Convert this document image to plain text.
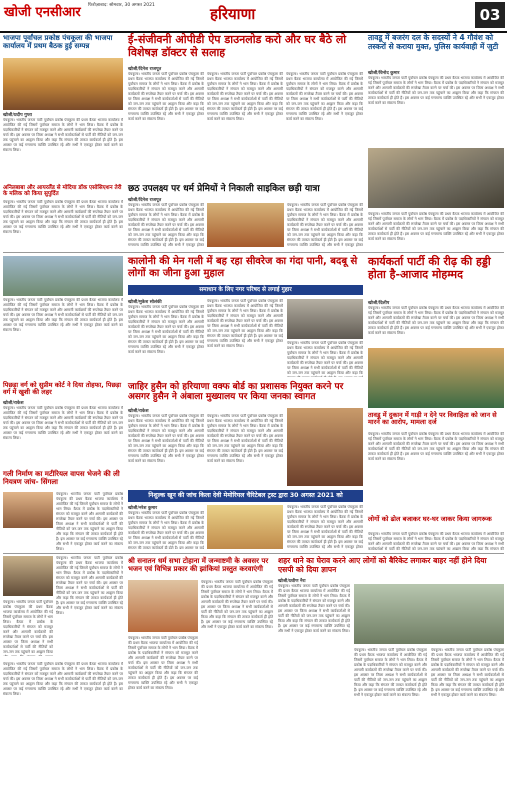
खोजी एनसीआर फिरोज़ाबाद: सोमवार, 30 अगस्त 2021	हरियाणा	03
भाजपा पूर्वांचल प्रकोष्ठ पंचकूला की भाजपा कार्यालय में प्रथम बैठक हुई सम्पन्न
खोजी/प्रदीप गुप्ता
पंचकूला। भारतीय जनता पार्टी पूर्वांचल प्रकोष्ठ पंचकूला की प्रथम बैठक भाजपा कार्यालय में आयोजित की गई जिसमें पूर्वांचल समाज के लोगों ने भाग लिया। बैठक में प्रकोष्ठ के पदाधिकारियों ने संगठन को मजबूत करने और आगामी कार्यक्रमों की रूपरेखा तैयार करने पर चर्चा की। इस अवसर पर जिला अध्यक्ष ने सभी कार्यकर्ताओं से पार्टी की नीतियों को जन-जन तक पहुंचाने का आह्वान किया और कहा कि संगठन की ताकत कार्यकर्ता ही होते हैं। इस अवसर पर कई गणमान्य व्यक्ति उपस्थित रहे और सभी ने एकजुट होकर कार्य करने का संकल्प लिया।
अनिलबाबा और आयरलैंड से मोदिया डॉक एसोसिएशन तेरी के मलिक को किया सुपुर्दित
पंचकूला। भारतीय जनता पार्टी पूर्वांचल प्रकोष्ठ पंचकूला की प्रथम बैठक भाजपा कार्यालय में आयोजित की गई जिसमें पूर्वांचल समाज के लोगों ने भाग लिया। बैठक में प्रकोष्ठ के पदाधिकारियों ने संगठन को मजबूत करने और आगामी कार्यक्रमों की रूपरेखा तैयार करने पर चर्चा की। इस अवसर पर जिला अध्यक्ष ने सभी कार्यकर्ताओं से पार्टी की नीतियों को जन-जन तक पहुंचाने का आह्वान किया और कहा कि संगठन की ताकत कार्यकर्ता ही होते हैं। इस अवसर पर कई गणमान्य व्यक्ति उपस्थित रहे और सभी ने एकजुट होकर कार्य करने का संकल्प लिया।
ई-संजीवनी ओपीडी ऐप डाउनलोड करो और घर बैठे लो विशेषज्ञ डॉक्टर से सलाह
खोजी/दिनेश राजपूत
पंचकूला। भारतीय जनता पार्टी पूर्वांचल प्रकोष्ठ पंचकूला की प्रथम बैठक भाजपा कार्यालय में आयोजित की गई जिसमें पूर्वांचल समाज के लोगों ने भाग लिया। बैठक में प्रकोष्ठ के पदाधिकारियों ने संगठन को मजबूत करने और आगामी कार्यक्रमों की रूपरेखा तैयार करने पर चर्चा की। इस अवसर पर जिला अध्यक्ष ने सभी कार्यकर्ताओं से पार्टी की नीतियों को जन-जन तक पहुंचाने का आह्वान किया और कहा कि संगठन की ताकत कार्यकर्ता ही होते हैं। इस अवसर पर कई गणमान्य व्यक्ति उपस्थित रहे और सभी ने एकजुट होकर कार्य करने का संकल्प लिया।
पंचकूला। भारतीय जनता पार्टी पूर्वांचल प्रकोष्ठ पंचकूला की प्रथम बैठक भाजपा कार्यालय में आयोजित की गई जिसमें पूर्वांचल समाज के लोगों ने भाग लिया। बैठक में प्रकोष्ठ के पदाधिकारियों ने संगठन को मजबूत करने और आगामी कार्यक्रमों की रूपरेखा तैयार करने पर चर्चा की। इस अवसर पर जिला अध्यक्ष ने सभी कार्यकर्ताओं से पार्टी की नीतियों को जन-जन तक पहुंचाने का आह्वान किया और कहा कि संगठन की ताकत कार्यकर्ता ही होते हैं। इस अवसर पर कई गणमान्य व्यक्ति उपस्थित रहे और सभी ने एकजुट होकर कार्य करने का संकल्प लिया।
पंचकूला। भारतीय जनता पार्टी पूर्वांचल प्रकोष्ठ पंचकूला की प्रथम बैठक भाजपा कार्यालय में आयोजित की गई जिसमें पूर्वांचल समाज के लोगों ने भाग लिया। बैठक में प्रकोष्ठ के पदाधिकारियों ने संगठन को मजबूत करने और आगामी कार्यक्रमों की रूपरेखा तैयार करने पर चर्चा की। इस अवसर पर जिला अध्यक्ष ने सभी कार्यकर्ताओं से पार्टी की नीतियों को जन-जन तक पहुंचाने का आह्वान किया और कहा कि संगठन की ताकत कार्यकर्ता ही होते हैं। इस अवसर पर कई गणमान्य व्यक्ति उपस्थित रहे और सभी ने एकजुट होकर कार्य करने का संकल्प लिया।
तावडू में बजरंग दल के सदस्यों ने 4 गौवंश को तस्करों से कराया मुक्त, पुलिस कार्यवाही में जुटी
खोजी/विनोद कुमार
पंचकूला। भारतीय जनता पार्टी पूर्वांचल प्रकोष्ठ पंचकूला की प्रथम बैठक भाजपा कार्यालय में आयोजित की गई जिसमें पूर्वांचल समाज के लोगों ने भाग लिया। बैठक में प्रकोष्ठ के पदाधिकारियों ने संगठन को मजबूत करने और आगामी कार्यक्रमों की रूपरेखा तैयार करने पर चर्चा की। इस अवसर पर जिला अध्यक्ष ने सभी कार्यकर्ताओं से पार्टी की नीतियों को जन-जन तक पहुंचाने का आह्वान किया और कहा कि संगठन की ताकत कार्यकर्ता ही होते हैं। इस अवसर पर कई गणमान्य व्यक्ति उपस्थित रहे और सभी ने एकजुट होकर कार्य करने का संकल्प लिया।
छठ उपलक्ष्य पर धर्म प्रेमियों ने निकाली साइकिल छड़ी यात्रा
खोजी/दिनेश राजपूत
पंचकूला। भारतीय जनता पार्टी पूर्वांचल प्रकोष्ठ पंचकूला की प्रथम बैठक भाजपा कार्यालय में आयोजित की गई जिसमें पूर्वांचल समाज के लोगों ने भाग लिया। बैठक में प्रकोष्ठ के पदाधिकारियों ने संगठन को मजबूत करने और आगामी कार्यक्रमों की रूपरेखा तैयार करने पर चर्चा की। इस अवसर पर जिला अध्यक्ष ने सभी कार्यकर्ताओं से पार्टी की नीतियों को जन-जन तक पहुंचाने का आह्वान किया और कहा कि संगठन की ताकत कार्यकर्ता ही होते हैं। इस अवसर पर कई गणमान्य व्यक्ति उपस्थित रहे और सभी ने एकजुट होकर
पंचकूला। भारतीय जनता पार्टी पूर्वांचल प्रकोष्ठ पंचकूला की प्रथम बैठक भाजपा कार्यालय में आयोजित की गई जिसमें पूर्वांचल समाज के लोगों ने भाग लिया। बैठक में प्रकोष्ठ के पदाधिकारियों ने संगठन को मजबूत करने और आगामी कार्यक्रमों की रूपरेखा तैयार करने पर चर्चा की। इस अवसर पर जिला अध्यक्ष ने सभी कार्यकर्ताओं से पार्टी की नीतियों को जन-जन तक पहुंचाने का आह्वान किया और कहा कि संगठन की ताकत कार्यकर्ता ही होते हैं। इस अवसर पर कई गणमान्य व्यक्ति उपस्थित रहे और सभी ने एकजुट होकर
पंचकूला। भारतीय जनता पार्टी पूर्वांचल प्रकोष्ठ पंचकूला की प्रथम बैठक भाजपा कार्यालय में आयोजित की गई जिसमें पूर्वांचल समाज के लोगों ने भाग लिया। बैठक में प्रकोष्ठ के पदाधिकारियों ने संगठन को मजबूत करने और आगामी कार्यक्रमों की रूपरेखा तैयार करने पर चर्चा की। इस अवसर पर जिला अध्यक्ष ने सभी कार्यकर्ताओं से पार्टी की नीतियों को जन-जन तक पहुंचाने का आह्वान किया और कहा कि संगठन की ताकत कार्यकर्ता ही होते हैं। इस अवसर पर कई गणमान्य व्यक्ति उपस्थित रहे और सभी ने एकजुट होकर कार्य करने का संकल्प लिया।
पंचकूला। भारतीय जनता पार्टी पूर्वांचल प्रकोष्ठ पंचकूला की प्रथम बैठक भाजपा कार्यालय में आयोजित की गई जिसमें पूर्वांचल समाज के लोगों ने भाग लिया। बैठक में प्रकोष्ठ के पदाधिकारियों ने संगठन को मजबूत करने और आगामी कार्यक्रमों की रूपरेखा तैयार करने पर चर्चा की। इस अवसर पर जिला अध्यक्ष ने सभी कार्यकर्ताओं से पार्टी की नीतियों को जन-जन तक पहुंचाने का आह्वान किया और कहा कि संगठन की ताकत कार्यकर्ता ही होते हैं। इस अवसर पर कई गणमान्य व्यक्ति उपस्थित रहे और सभी ने एकजुट होकर कार्य करने का संकल्प लिया।
कालोनी की मेन गली में बह रहा सीवरेज का गंदा पानी, बदबू से लोगों का जीना हुआ मुहाल
समाधान के लिए नगर परिषद से लगाई गुहार
खोजी/मुकेश सोलंकी
पंचकूला। भारतीय जनता पार्टी पूर्वांचल प्रकोष्ठ पंचकूला की प्रथम बैठक भाजपा कार्यालय में आयोजित की गई जिसमें पूर्वांचल समाज के लोगों ने भाग लिया। बैठक में प्रकोष्ठ के पदाधिकारियों ने संगठन को मजबूत करने और आगामी कार्यक्रमों की रूपरेखा तैयार करने पर चर्चा की। इस अवसर पर जिला अध्यक्ष ने सभी कार्यकर्ताओं से पार्टी की नीतियों को जन-जन तक पहुंचाने का आह्वान किया और कहा कि संगठन की ताकत कार्यकर्ता ही होते हैं। इस अवसर पर कई गणमान्य व्यक्ति उपस्थित रहे और सभी ने एकजुट होकर कार्य करने का संकल्प लिया।
पंचकूला। भारतीय जनता पार्टी पूर्वांचल प्रकोष्ठ पंचकूला की प्रथम बैठक भाजपा कार्यालय में आयोजित की गई जिसमें पूर्वांचल समाज के लोगों ने भाग लिया। बैठक में प्रकोष्ठ के पदाधिकारियों ने संगठन को मजबूत करने और आगामी कार्यक्रमों की रूपरेखा तैयार करने पर चर्चा की। इस अवसर पर जिला अध्यक्ष ने सभी कार्यकर्ताओं से पार्टी की नीतियों को जन-जन तक पहुंचाने का आह्वान किया और कहा कि संगठन की ताकत कार्यकर्ता ही होते हैं। इस अवसर पर कई गणमान्य व्यक्ति उपस्थित रहे और सभी ने एकजुट होकर कार्य करने का संकल्प लिया।
पंचकूला। भारतीय जनता पार्टी पूर्वांचल प्रकोष्ठ पंचकूला की प्रथम बैठक भाजपा कार्यालय में आयोजित की गई जिसमें पूर्वांचल समाज के लोगों ने भाग लिया। बैठक में प्रकोष्ठ के पदाधिकारियों ने संगठन को मजबूत करने और आगामी कार्यक्रमों की रूपरेखा तैयार करने पर चर्चा की। इस अवसर पर जिला अध्यक्ष ने सभी कार्यकर्ताओं से पार्टी की नीतियों को जन-जन तक पहुंचाने का आह्वान किया और कहा कि
कार्यकर्ता पार्टी की रीढ़ की हड्डी होता है-आजाद मोहम्मद
खोजी/दिलीप
पंचकूला। भारतीय जनता पार्टी पूर्वांचल प्रकोष्ठ पंचकूला की प्रथम बैठक भाजपा कार्यालय में आयोजित की गई जिसमें पूर्वांचल समाज के लोगों ने भाग लिया। बैठक में प्रकोष्ठ के पदाधिकारियों ने संगठन को मजबूत करने और आगामी कार्यक्रमों की रूपरेखा तैयार करने पर चर्चा की। इस अवसर पर जिला अध्यक्ष ने सभी कार्यकर्ताओं से पार्टी की नीतियों को जन-जन तक पहुंचाने का आह्वान किया और कहा कि संगठन की ताकत कार्यकर्ता ही होते हैं। इस अवसर पर कई गणमान्य व्यक्ति उपस्थित रहे और सभी ने एकजुट होकर कार्य करने का संकल्प लिया।
पिछड़ा वर्ग को सुप्रीम कोर्ट ने दिया तोहफा, पिछड़ा वर्ग में खुशी की लहर
खोजी/राकेश
पंचकूला। भारतीय जनता पार्टी पूर्वांचल प्रकोष्ठ पंचकूला की प्रथम बैठक भाजपा कार्यालय में आयोजित की गई जिसमें पूर्वांचल समाज के लोगों ने भाग लिया। बैठक में प्रकोष्ठ के पदाधिकारियों ने संगठन को मजबूत करने और आगामी कार्यक्रमों की रूपरेखा तैयार करने पर चर्चा की। इस अवसर पर जिला अध्यक्ष ने सभी कार्यकर्ताओं से पार्टी की नीतियों को जन-जन तक पहुंचाने का आह्वान किया और कहा कि संगठन की ताकत कार्यकर्ता ही होते हैं। इस अवसर पर कई गणमान्य व्यक्ति उपस्थित रहे और सभी ने एकजुट होकर कार्य करने का संकल्प लिया।
जाहिर हुसैन को हरियाणा वक्फ बोर्ड का प्रशासक नियुक्त करने पर असगर हुसैन ने अंबाला मुख्यालय पर किया जनका स्वागत
खोजी/राकेश
पंचकूला। भारतीय जनता पार्टी पूर्वांचल प्रकोष्ठ पंचकूला की प्रथम बैठक भाजपा कार्यालय में आयोजित की गई जिसमें पूर्वांचल समाज के लोगों ने भाग लिया। बैठक में प्रकोष्ठ के पदाधिकारियों ने संगठन को मजबूत करने और आगामी कार्यक्रमों की रूपरेखा तैयार करने पर चर्चा की। इस अवसर पर जिला अध्यक्ष ने सभी कार्यकर्ताओं से पार्टी की नीतियों को जन-जन तक पहुंचाने का आह्वान किया और कहा कि संगठन की ताकत कार्यकर्ता ही होते हैं। इस अवसर पर कई गणमान्य व्यक्ति उपस्थित रहे और सभी ने एकजुट होकर कार्य करने का संकल्प लिया।
पंचकूला। भारतीय जनता पार्टी पूर्वांचल प्रकोष्ठ पंचकूला की प्रथम बैठक भाजपा कार्यालय में आयोजित की गई जिसमें पूर्वांचल समाज के लोगों ने भाग लिया। बैठक में प्रकोष्ठ के पदाधिकारियों ने संगठन को मजबूत करने और आगामी कार्यक्रमों की रूपरेखा तैयार करने पर चर्चा की। इस अवसर पर जिला अध्यक्ष ने सभी कार्यकर्ताओं से पार्टी की नीतियों को जन-जन तक पहुंचाने का आह्वान किया और कहा कि संगठन की ताकत कार्यकर्ता ही होते हैं। इस अवसर पर कई गणमान्य व्यक्ति उपस्थित रहे और सभी ने एकजुट होकर कार्य करने का संकल्प लिया।
तावडू में दुकान में गाड़ी न देने पर विवाहिता को जान से मारने का आरोप, मामला दर्ज
पंचकूला। भारतीय जनता पार्टी पूर्वांचल प्रकोष्ठ पंचकूला की प्रथम बैठक भाजपा कार्यालय में आयोजित की गई जिसमें पूर्वांचल समाज के लोगों ने भाग लिया। बैठक में प्रकोष्ठ के पदाधिकारियों ने संगठन को मजबूत करने और आगामी कार्यक्रमों की रूपरेखा तैयार करने पर चर्चा की। इस अवसर पर जिला अध्यक्ष ने सभी कार्यकर्ताओं से पार्टी की नीतियों को जन-जन तक पहुंचाने का आह्वान किया और कहा कि संगठन की ताकत कार्यकर्ता ही होते हैं। इस अवसर पर कई गणमान्य व्यक्ति उपस्थित रहे और सभी ने एकजुट होकर कार्य करने का संकल्प लिया।
गली निर्माण का मटीरियल वापस भेजने की ली नियत्रण जांच- सिंगला
पंचकूला। भारतीय जनता पार्टी पूर्वांचल प्रकोष्ठ पंचकूला की प्रथम बैठक भाजपा कार्यालय में आयोजित की गई जिसमें पूर्वांचल समाज के लोगों ने भाग लिया। बैठक में प्रकोष्ठ के पदाधिकारियों ने संगठन को मजबूत करने और आगामी कार्यक्रमों की रूपरेखा तैयार करने पर चर्चा की। इस अवसर पर जिला अध्यक्ष ने सभी कार्यकर्ताओं से पार्टी की नीतियों को जन-जन तक पहुंचाने का आह्वान किया और कहा कि संगठन की ताकत कार्यकर्ता ही होते हैं। इस अवसर पर कई गणमान्य व्यक्ति उपस्थित रहे और सभी ने एकजुट होकर कार्य करने का संकल्प लिया।
निशुल्क खून की जांच किला देवी मेमोरियल चैरिटेबल ट्रस्ट द्वारा 30 अगस्त 2021 को
खोजी/नरेश कुमार
पंचकूला। भारतीय जनता पार्टी पूर्वांचल प्रकोष्ठ पंचकूला की प्रथम बैठक भाजपा कार्यालय में आयोजित की गई जिसमें पूर्वांचल समाज के लोगों ने भाग लिया। बैठक में प्रकोष्ठ के पदाधिकारियों ने संगठन को मजबूत करने और आगामी कार्यक्रमों की रूपरेखा तैयार करने पर चर्चा की। इस अवसर पर जिला अध्यक्ष ने सभी कार्यकर्ताओं से पार्टी की नीतियों को जन-जन तक पहुंचाने का आह्वान किया और कहा कि संगठन की ताकत कार्यकर्ता ही होते हैं। इस अवसर पर कई
पंचकूला। भारतीय जनता पार्टी पूर्वांचल प्रकोष्ठ पंचकूला की प्रथम बैठक भाजपा कार्यालय में आयोजित की गई जिसमें पूर्वांचल समाज के लोगों ने भाग लिया। बैठक में प्रकोष्ठ के पदाधिकारियों ने संगठन को मजबूत करने और आगामी कार्यक्रमों की रूपरेखा तैयार करने पर चर्चा की। इस अवसर पर जिला अध्यक्ष ने सभी कार्यकर्ताओं से पार्टी की नीतियों को जन-जन तक पहुंचाने का आह्वान किया और कहा कि संगठन की ताकत कार्यकर्ता ही होते हैं। इस अवसर पर कई गणमान्य व्यक्ति उपस्थित रहे और सभी ने एकजुट होकर
लोगों को ढोल बजाकर घर-घर जाकर किया जागरूक
पंचकूला। भारतीय जनता पार्टी पूर्वांचल प्रकोष्ठ पंचकूला की प्रथम बैठक भाजपा कार्यालय में आयोजित की गई जिसमें पूर्वांचल समाज के लोगों ने भाग लिया। बैठक में प्रकोष्ठ के पदाधिकारियों ने संगठन को मजबूत करने और आगामी कार्यक्रमों की रूपरेखा तैयार करने पर चर्चा की। इस अवसर पर जिला अध्यक्ष ने सभी कार्यकर्ताओं से पार्टी की नीतियों को जन-जन तक पहुंचाने का आह्वान किया और कहा कि संगठन की
पंचकूला। भारतीय जनता पार्टी पूर्वांचल प्रकोष्ठ पंचकूला की प्रथम बैठक भाजपा कार्यालय में आयोजित की गई जिसमें पूर्वांचल समाज के लोगों ने भाग लिया। बैठक में प्रकोष्ठ के पदाधिकारियों ने संगठन को मजबूत करने और आगामी कार्यक्रमों की रूपरेखा तैयार करने पर चर्चा की। इस अवसर पर जिला अध्यक्ष ने सभी कार्यकर्ताओं से पार्टी की नीतियों को जन-जन तक पहुंचाने का आह्वान किया और कहा कि संगठन की ताकत कार्यकर्ता ही होते हैं। इस अवसर पर कई गणमान्य व्यक्ति उपस्थित रहे और सभी ने एकजुट होकर कार्य करने का संकल्प लिया।
पंचकूला। भारतीय जनता पार्टी पूर्वांचल प्रकोष्ठ पंचकूला की प्रथम बैठक भाजपा कार्यालय में आयोजित की गई जिसमें पूर्वांचल समाज के लोगों ने भाग लिया। बैठक में प्रकोष्ठ के पदाधिकारियों ने संगठन को मजबूत करने और आगामी कार्यक्रमों की रूपरेखा तैयार करने पर चर्चा की। इस अवसर पर जिला अध्यक्ष ने सभी कार्यकर्ताओं से पार्टी की नीतियों को जन-जन तक पहुंचाने का आह्वान किया
पंचकूला। भारतीय जनता पार्टी पूर्वांचल प्रकोष्ठ पंचकूला की प्रथम बैठक भाजपा कार्यालय में आयोजित की गई जिसमें पूर्वांचल समाज के लोगों ने भाग लिया। बैठक में प्रकोष्ठ के पदाधिकारियों ने संगठन को मजबूत करने और आगामी कार्यक्रमों की रूपरेखा तैयार करने पर चर्चा की। इस अवसर पर जिला अध्यक्ष ने सभी कार्यकर्ताओं से पार्टी की नीतियों को जन-जन तक पहुंचाने का आह्वान किया और कहा कि संगठन की ताकत कार्यकर्ता ही होते हैं। इस अवसर पर कई गणमान्य व्यक्ति उपस्थित रहे और सभी ने एकजुट होकर कार्य करने का संकल्प लिया।
श्री सनातन धर्म सभा टोहाना में जन्माष्टमी के अवसर पर भजन एवं विभिन्न प्रकार की झांकियां प्रस्तुत करवाएंगी
पंचकूला। भारतीय जनता पार्टी पूर्वांचल प्रकोष्ठ पंचकूला की प्रथम बैठक भाजपा कार्यालय में आयोजित की गई जिसमें पूर्वांचल समाज के लोगों ने भाग लिया। बैठक में प्रकोष्ठ के पदाधिकारियों ने संगठन को मजबूत करने और आगामी कार्यक्रमों की रूपरेखा तैयार करने पर चर्चा की। इस अवसर पर जिला अध्यक्ष ने सभी कार्यकर्ताओं से पार्टी की नीतियों को जन-जन तक पहुंचाने का आह्वान किया और कहा कि संगठन की ताकत कार्यकर्ता ही होते हैं। इस अवसर पर कई गणमान्य व्यक्ति उपस्थित रहे और सभी ने एकजुट होकर कार्य करने का संकल्प लिया।
पंचकूला। भारतीय जनता पार्टी पूर्वांचल प्रकोष्ठ पंचकूला की प्रथम बैठक भाजपा कार्यालय में आयोजित की गई जिसमें पूर्वांचल समाज के लोगों ने भाग लिया। बैठक में प्रकोष्ठ के पदाधिकारियों ने संगठन को मजबूत करने और आगामी कार्यक्रमों की रूपरेखा तैयार करने पर चर्चा की। इस अवसर पर जिला अध्यक्ष ने सभी कार्यकर्ताओं से पार्टी की नीतियों को जन-जन तक पहुंचाने का आह्वान किया और कहा कि संगठन की ताकत कार्यकर्ता ही होते हैं। इस अवसर पर कई गणमान्य व्यक्ति उपस्थित रहे और सभी ने एकजुट होकर कार्य करने का संकल्प लिया।
शहर थाने का घेराव करने आए लोगों को बैरिकेट लगाकर बाहर नहीं होने दिया एसपी को दिया ज्ञापन
खोजी/प्रवीण नैरा
पंचकूला। भारतीय जनता पार्टी पूर्वांचल प्रकोष्ठ पंचकूला की प्रथम बैठक भाजपा कार्यालय में आयोजित की गई जिसमें पूर्वांचल समाज के लोगों ने भाग लिया। बैठक में प्रकोष्ठ के पदाधिकारियों ने संगठन को मजबूत करने और आगामी कार्यक्रमों की रूपरेखा तैयार करने पर चर्चा की। इस अवसर पर जिला अध्यक्ष ने सभी कार्यकर्ताओं से पार्टी की नीतियों को जन-जन तक पहुंचाने का आह्वान किया और कहा कि संगठन की ताकत कार्यकर्ता ही होते हैं। इस अवसर पर कई गणमान्य व्यक्ति उपस्थित रहे और सभी ने एकजुट होकर कार्य करने का संकल्प लिया।
पंचकूला। भारतीय जनता पार्टी पूर्वांचल प्रकोष्ठ पंचकूला की प्रथम बैठक भाजपा कार्यालय में आयोजित की गई जिसमें पूर्वांचल समाज के लोगों ने भाग लिया। बैठक में प्रकोष्ठ के पदाधिकारियों ने संगठन को मजबूत करने और आगामी कार्यक्रमों की रूपरेखा तैयार करने पर चर्चा की। इस अवसर पर जिला अध्यक्ष ने सभी कार्यकर्ताओं से पार्टी की नीतियों को जन-जन तक पहुंचाने का आह्वान किया और कहा कि संगठन की ताकत कार्यकर्ता ही होते हैं। इस अवसर पर कई गणमान्य व्यक्ति उपस्थित रहे और सभी ने एकजुट होकर कार्य करने का संकल्प लिया।
पंचकूला। भारतीय जनता पार्टी पूर्वांचल प्रकोष्ठ पंचकूला की प्रथम बैठक भाजपा कार्यालय में आयोजित की गई जिसमें पूर्वांचल समाज के लोगों ने भाग लिया। बैठक में प्रकोष्ठ के पदाधिकारियों ने संगठन को मजबूत करने और आगामी कार्यक्रमों की रूपरेखा तैयार करने पर चर्चा की। इस अवसर पर जिला अध्यक्ष ने सभी कार्यकर्ताओं से पार्टी की नीतियों को जन-जन तक पहुंचाने का आह्वान किया और कहा कि संगठन की ताकत कार्यकर्ता ही होते हैं। इस अवसर पर कई गणमान्य व्यक्ति उपस्थित रहे और सभी ने एकजुट होकर कार्य करने का संकल्प लिया।
